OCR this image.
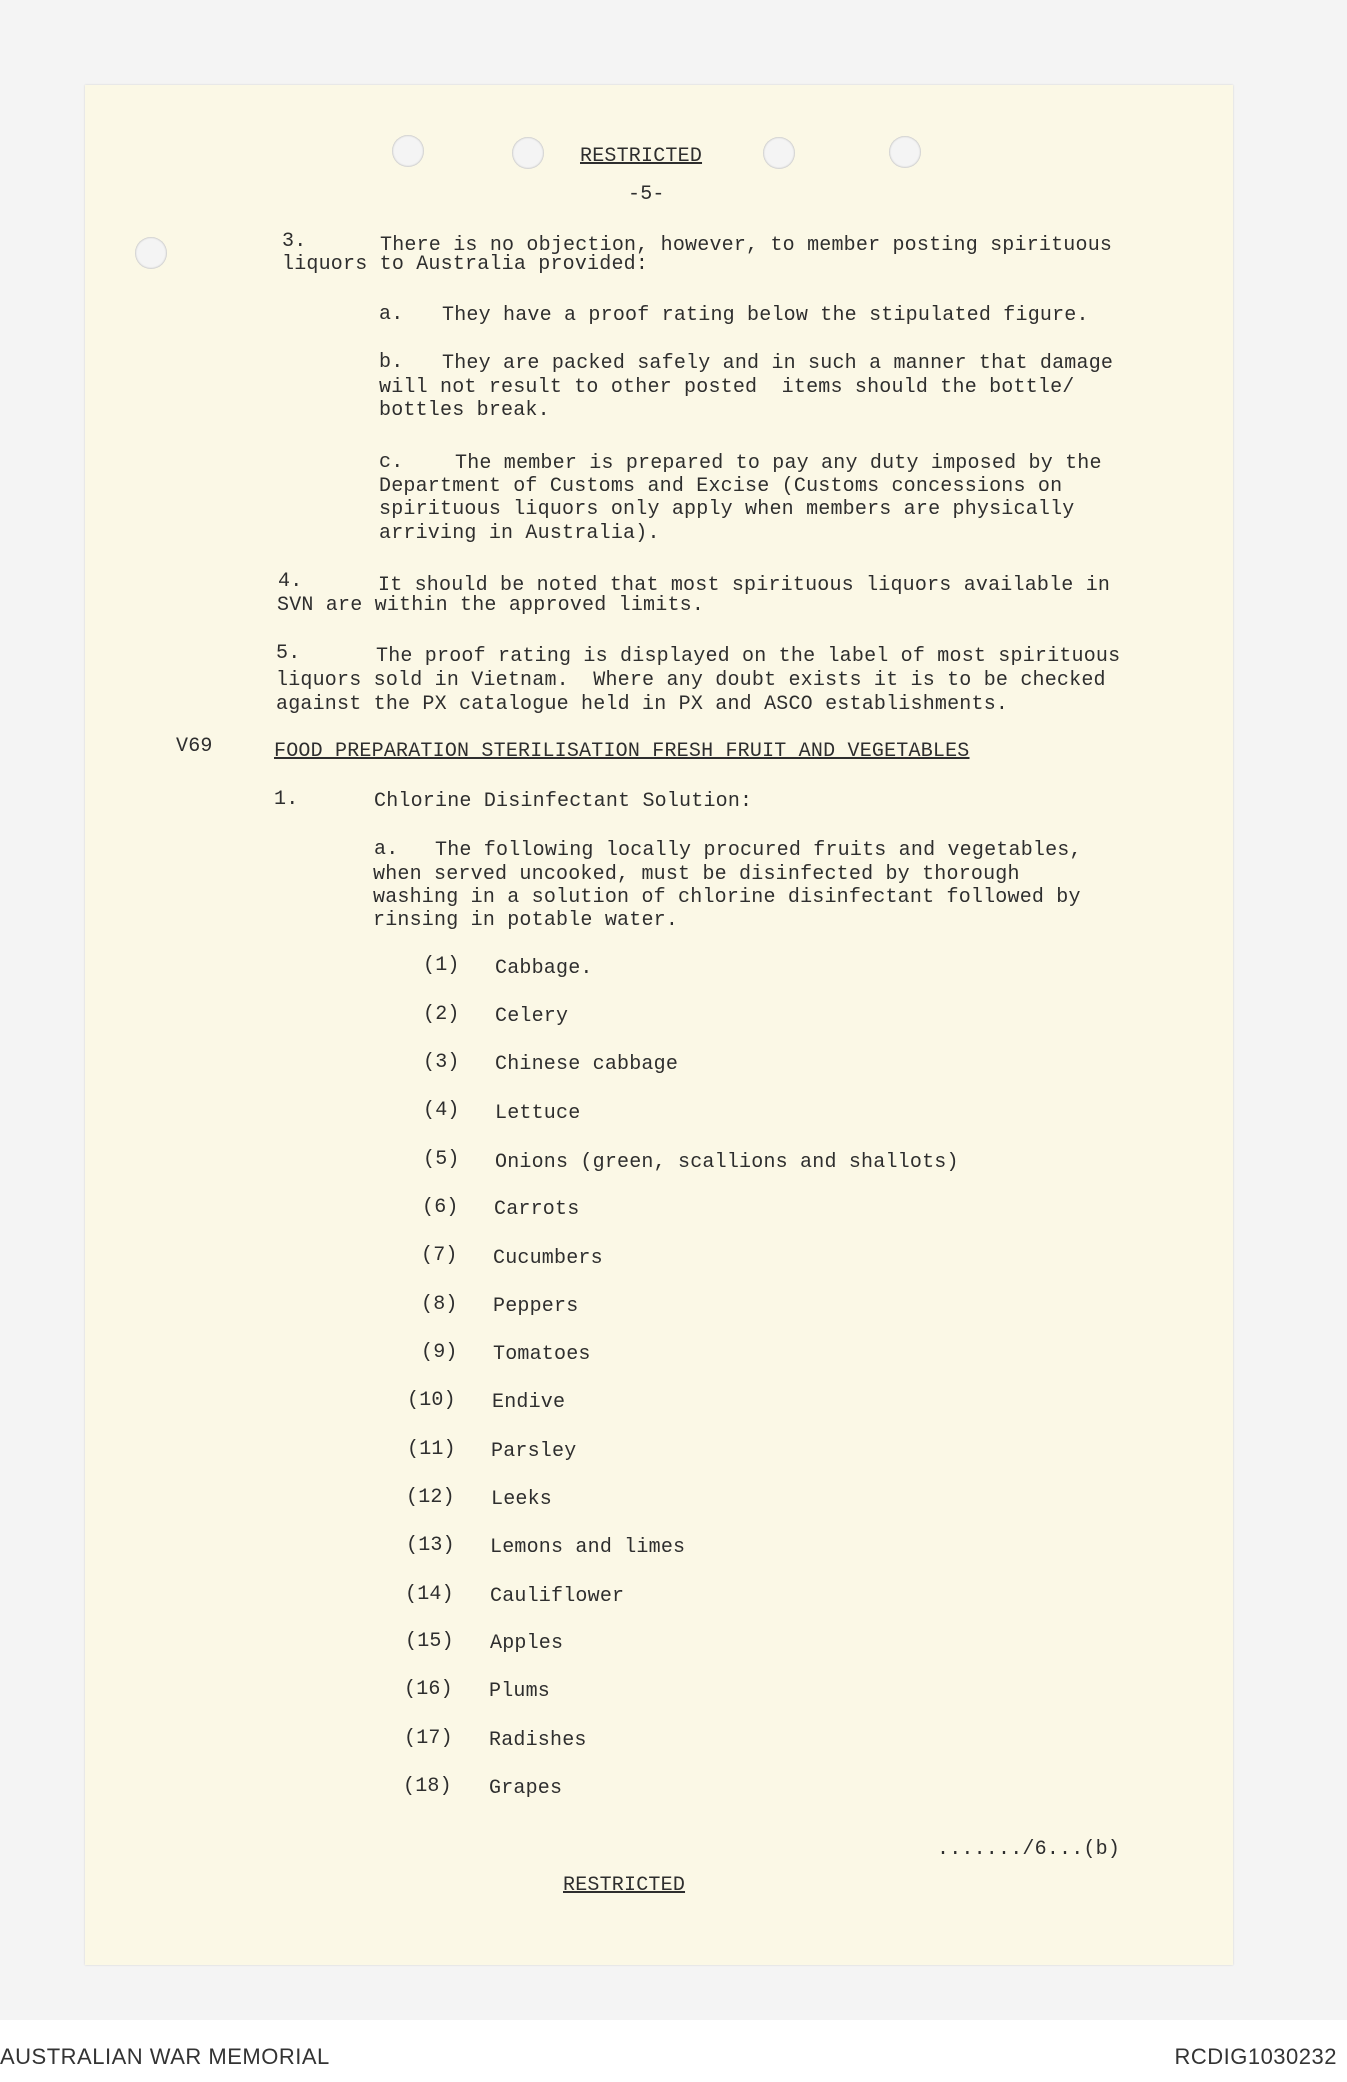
RESTRICTED
-5-
3.	There is no objection, however, to member posting spirituous
liquors to Australia provided:
a. They have a proof rating below the stipulated figure.
b. They are packed safely and in such a manner that damage
will not result to other posted  items should the bottle/
bottles break.
c.	The member is prepared to pay any duty imposed by the
Department of Customs and Excise (Customs concessions on
spirituous liquors only apply when members are physically
arriving in Australia).
4.	It should be noted that most spirituous liquors available in
SVN are within the approved limits.
5.	The proof rating is displayed on the label of most spirituous
liquors sold in Vietnam.  Where any doubt exists it is to be checked
against the PX catalogue held in PX and ASCO establishments.
V69	FOOD PREPARATION STERILISATION FRESH FRUIT AND VEGETABLES
1.	Chlorine Disinfectant Solution:
a. The following locally procured fruits and vegetables,
when served uncooked, must be disinfected by thorough
washing in a solution of chlorine disinfectant followed by
rinsing in potable water.
(1) Cabbage.
(2) Celery
(3) Chinese cabbage
(4) Lettuce
(5) Onions (green, scallions and shallots)
(6) Carrots
(7) Cucumbers
(8) Peppers
(9) Tomatoes
(10) Endive
(11) Parsley
(12) Leeks
(13) Lemons and limes
(14) Cauliflower
(15) Apples
(16) Plums
(17) Radishes
(18) Grapes
......./6...(b)
RESTRICTED
AUSTRALIAN WAR MEMORIAL	RCDIG1030232
